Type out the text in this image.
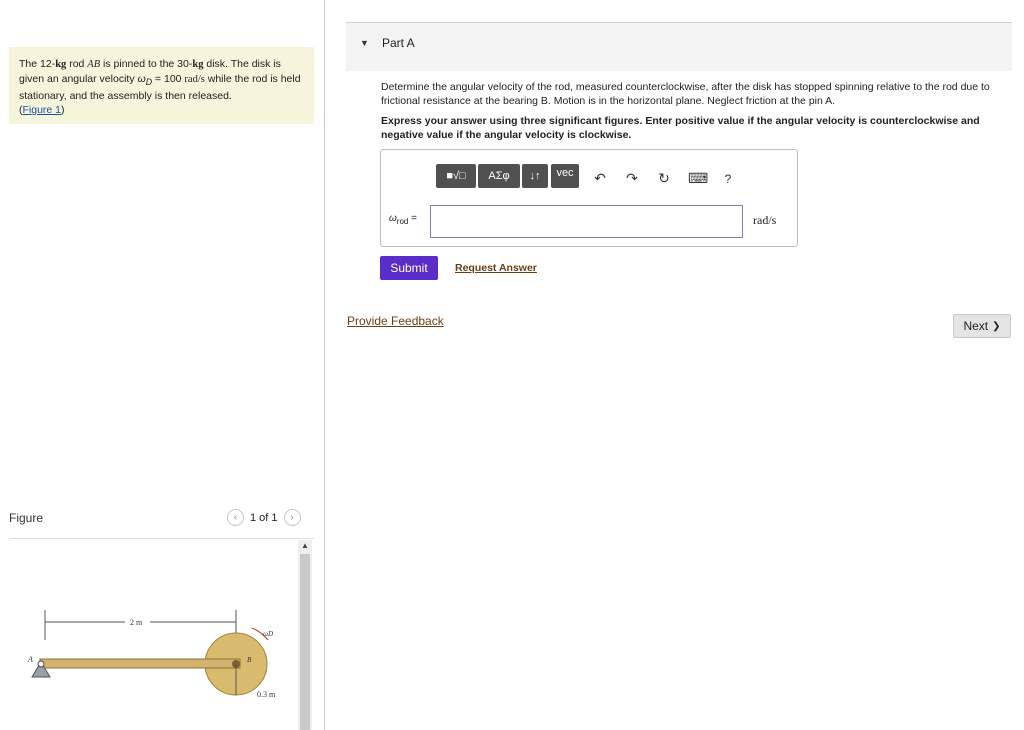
The 12-kg rod AB is pinned to the 30-kg disk. The disk is given an angular velocity $\omega_D = 100$ rad/s while the rod is held stationary, and the assembly is then released.
(Figure 1)
Figure	‹ 1 of 1 ›
2 m
A	B
ωD
0.3 m
▲
▼ Part A
Determine the angular velocity of the rod, measured counterclockwise, after the disk has stopped spinning relative to the rod due to frictional resistance at the bearing B. Motion is in the horizontal plane. Neglect friction at the pin A.
Express your answer using three significant figures. Enter positive value if the angular velocity is counterclockwise and negative value if the angular velocity is clockwise.
■√□ ΑΣφ ↓↑ vec ↶ ↷ ↻ ⌨	?
$\omega_{rod}$ =	rad/s
Submit	Request Answer
Provide Feedback	Next ❯
